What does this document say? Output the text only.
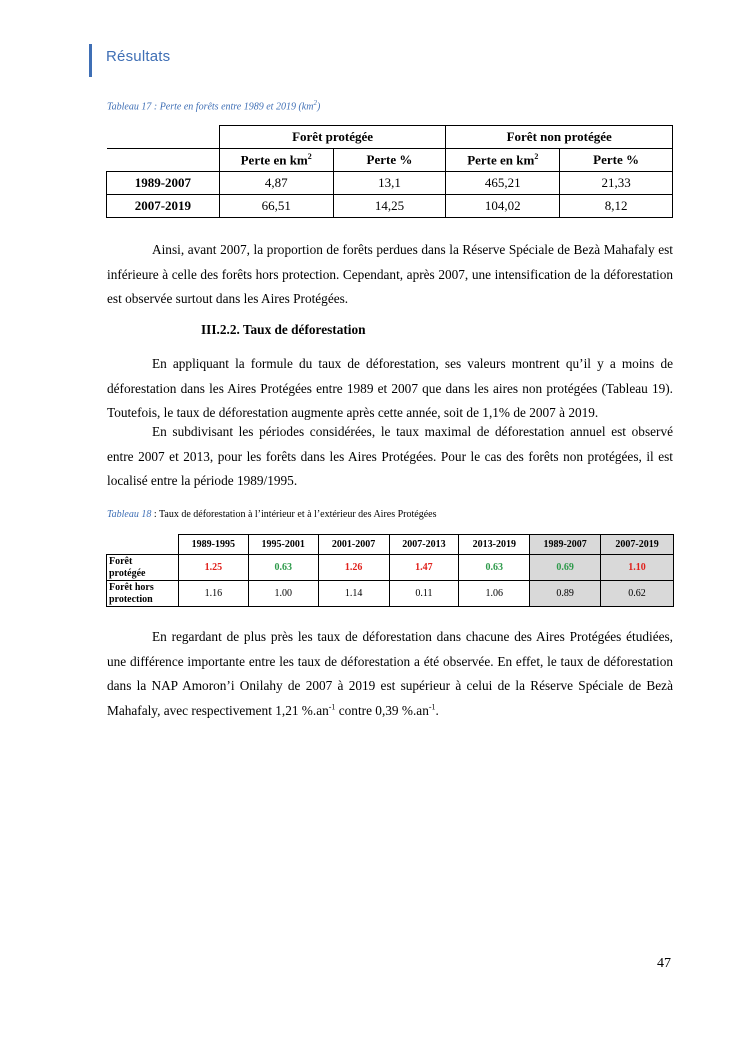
Résultats
Tableau 17 : Perte en forêts entre 1989 et 2019 $(km^2)$
	Forêt protégée		Forêt non protégée	
	Perte en $km^2$	Perte %	Perte en $km^2$	Perte %
1989-2007	4,87	13,1	465,21	21,33
2007-2019	66,51	14,25	104,02	8,12

Ainsi, avant 2007, la proportion de forêts perdues dans la Réserve Spéciale de Bezà Mahafaly est inférieure à celle des forêts hors protection. Cependant, après 2007, une intensification de la déforestation est observée surtout dans les Aires Protégées.

III.2.2. Taux de déforestation

En appliquant la formule du taux de déforestation, ses valeurs montrent qu’il y a moins de déforestation dans les Aires Protégées entre 1989 et 2007 que dans les aires non protégées (Tableau 19). Toutefois, le taux de déforestation augmente après cette année, soit de 1,1% de 2007 à 2019.

En subdivisant les périodes considérées, le taux maximal de déforestation annuel est observé entre 2007 et 2013, pour les forêts dans les Aires Protégées. Pour le cas des forêts non protégées, il est localisé entre la période 1989/1995.

Tableau 18 : Taux de déforestation à l’intérieur et à l’extérieur des Aires Protégées
	1989-1995	1995-2001	2001-2007	2007-2013	2013-2019	1989-2007	2007-2019
Forêt
protégée	1.25	0.63	1.26	1.47	0.63	0.69	1.10
Forêt hors
protection	1.16	1.00	1.14	0.11	1.06	0.89	0.62

En regardant de plus près les taux de déforestation dans chacune des Aires Protégées étudiées, une différence importante entre les taux de déforestation a été observée. En effet, le taux de déforestation dans la NAP Amoron’i Onilahy de 2007 à 2019 est supérieur à celui de la Réserve Spéciale de Bezà Mahafaly, avec respectivement 1,21 $\%.an^{-1}$ contre 0,39 $\%.an^{-1}$.

47
